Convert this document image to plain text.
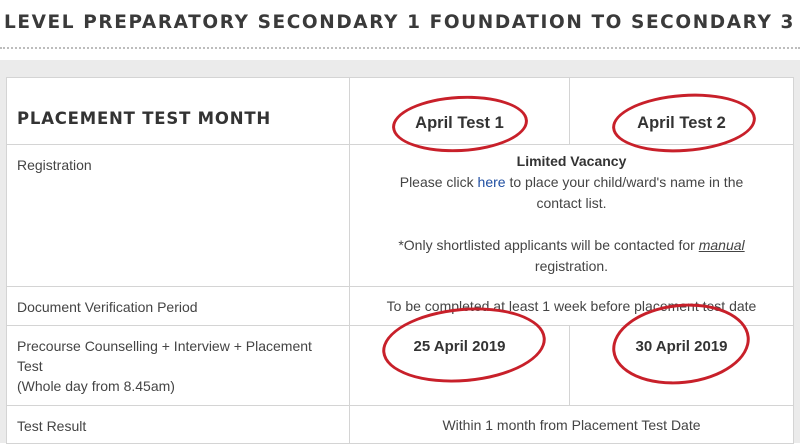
LEVEL PREPARATORY SECONDARY 1 FOUNDATION TO SECONDARY 3
PLACEMENT TEST MONTH	April Test 1	April Test 2
Registration	Limited Vacancy
Please click here to place your child/ward's name in the contact list.
*Only shortlisted applicants will be contacted for manual registration.	

Document Verification Period	To be completed at least 1 week before placement test date	

Precourse Counselling + Interview + Placement Test
(Whole day from 8.45am)	25 April 2019	30 April 2019
Test Result	Within 1 month from Placement Test Date	
